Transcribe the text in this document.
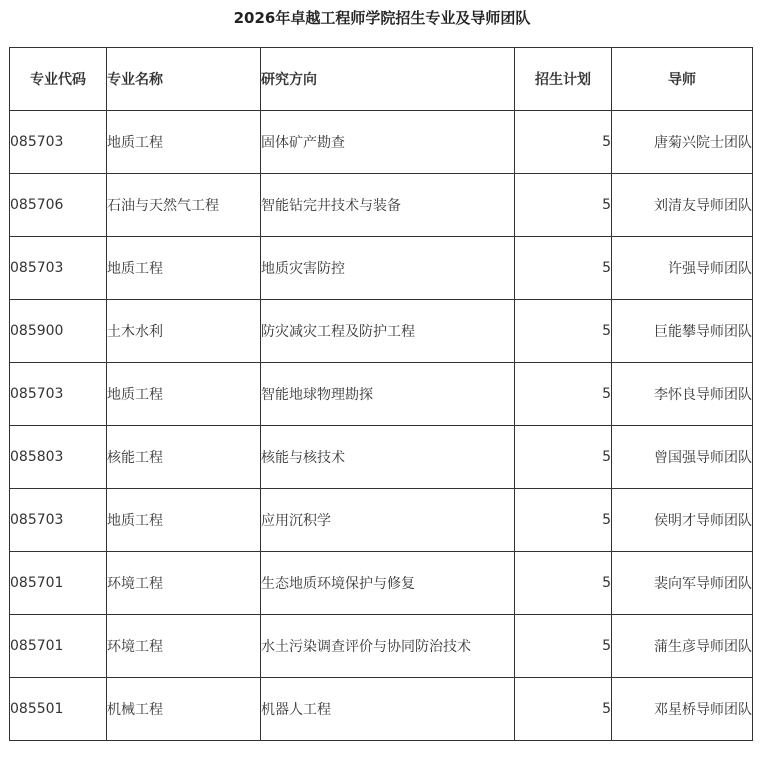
2026年卓越工程师学院招生专业及导师团队
专业代码	专业名称	研究方向	招生计划	导师
085703	地质工程	固体矿产勘查	5	唐菊兴院士团队
085706	石油与天然气工程	智能钻完井技术与装备	5	刘清友导师团队
085703	地质工程	地质灾害防控	5	许强导师团队
085900	土木水利	防灾减灾工程及防护工程	5	巨能攀导师团队
085703	地质工程	智能地球物理勘探	5	李怀良导师团队
085803	核能工程	核能与核技术	5	曾国强导师团队
085703	地质工程	应用沉积学	5	侯明才导师团队
085701	环境工程	生态地质环境保护与修复	5	裴向军导师团队
085701	环境工程	水土污染调查评价与协同防治技术	5	蒲生彦导师团队
085501	机械工程	机器人工程	5	邓星桥导师团队
